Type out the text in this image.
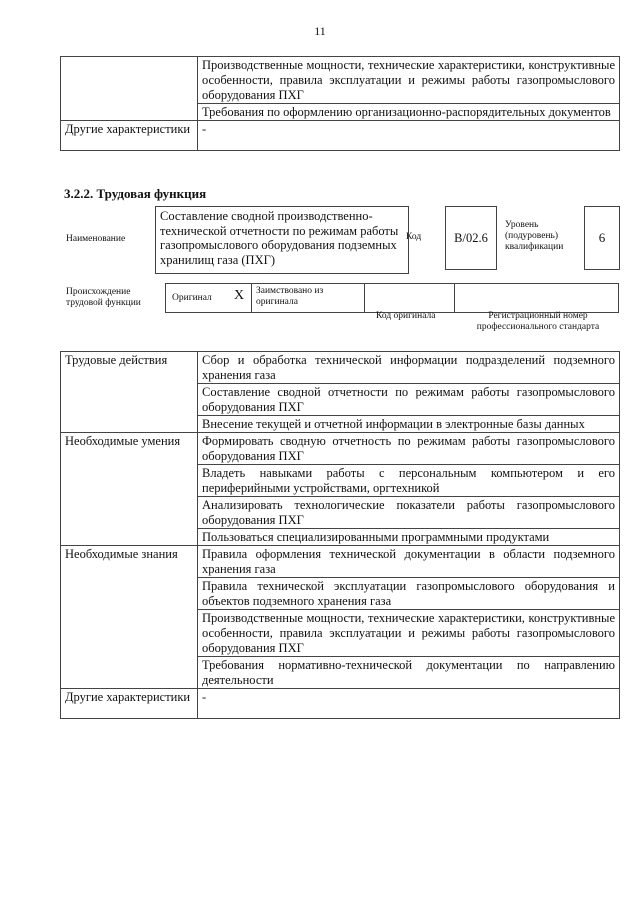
11
	Производственные мощности, технические характеристики, конструктивные особенности, правила эксплуатации и режимы работы газопромыслового оборудования ПХГ
	Требования по оформлению организационно-распорядительных документов
Другие характеристики	-
3.2.2. Трудовая функция
Наименование
Составление сводной производственно-технической отчетности по режимам работы газопромыслового оборудования подземных хранилищ газа (ПХГ)
Код	В/02.6
Уровень (подуровень) квалификации
6
Происхождение трудовой функции	Оригинал X Заимствовано из оригинала
Код оригинала	Регистрационный номер профессионального стандарта
Трудовые действия	Сбор и обработка технической информации подразделений подземного хранения газа
	Составление сводной отчетности по режимам работы газопромыслового оборудования ПХГ
	Внесение текущей и отчетной информации в электронные базы данных
Необходимые умения	Формировать сводную отчетность по режимам работы газопромыслового оборудования ПХГ
	Владеть навыками работы с персональным компьютером и его периферийными устройствами, оргтехникой
	Анализировать технологические показатели работы газопромыслового оборудования ПХГ
	Пользоваться специализированными программными продуктами
Необходимые знания	Правила оформления технической документации в области подземного хранения газа
	Правила технической эксплуатации газопромыслового оборудования и объектов подземного хранения газа
	Производственные мощности, технические характеристики, конструктивные особенности, правила эксплуатации и режимы работы газопромыслового оборудования ПХГ
	Требования нормативно-технической документации по направлению деятельности
Другие характеристики	-
